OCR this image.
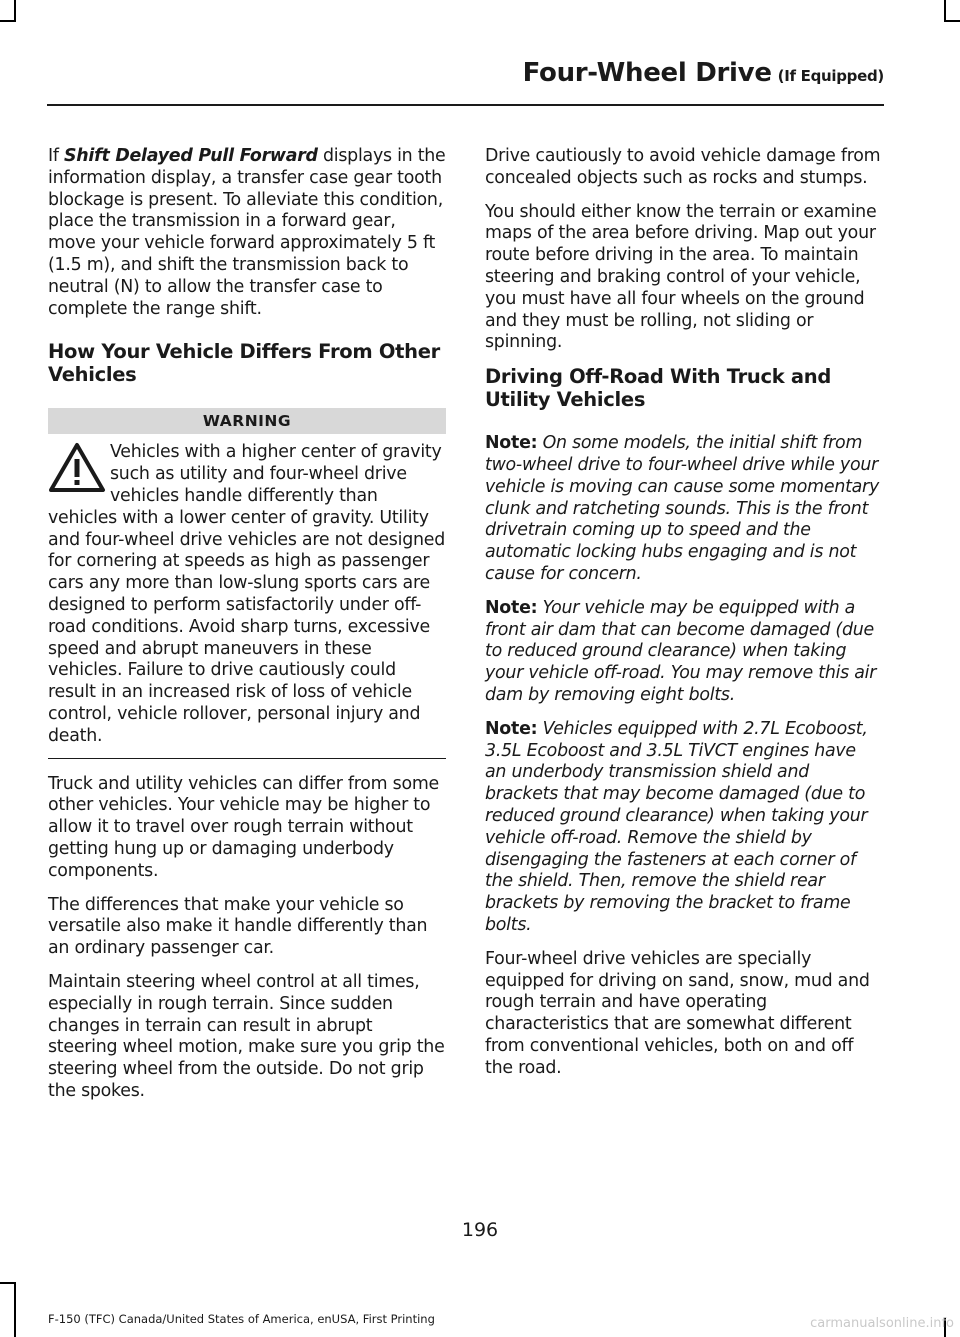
Four-Wheel Drive (If Equipped)

If Shift Delayed Pull Forward displays in the information display, a transfer case gear tooth blockage is present. To alleviate this condition, place the transmission in a forward gear, move your vehicle forward approximately 5 ft (1.5 m), and shift the transmission back to neutral (N) to allow the transfer case to complete the range shift.

How Your Vehicle Differs From Other Vehicles
WARNING
Vehicles with a higher center of gravity such as utility and four-wheel drive vehicles handle differently than vehicles with a lower center of gravity. Utility and four-wheel drive vehicles are not designed for cornering at speeds as high as passenger cars any more than low-slung sports cars are designed to perform satisfactorily under off-road conditions. Avoid sharp turns, excessive speed and abrupt maneuvers in these vehicles. Failure to drive cautiously could result in an increased risk of loss of vehicle control, vehicle rollover, personal injury and death.

Truck and utility vehicles can differ from some other vehicles. Your vehicle may be higher to allow it to travel over rough terrain without getting hung up or damaging underbody components.

The differences that make your vehicle so versatile also make it handle differently than an ordinary passenger car.

Maintain steering wheel control at all times, especially in rough terrain. Since sudden changes in terrain can result in abrupt steering wheel motion, make sure you grip the steering wheel from the outside. Do not grip the spokes.

Drive cautiously to avoid vehicle damage from concealed objects such as rocks and stumps.

You should either know the terrain or examine maps of the area before driving. Map out your route before driving in the area. To maintain steering and braking control of your vehicle, you must have all four wheels on the ground and they must be rolling, not sliding or spinning.

Driving Off-Road With Truck and Utility Vehicles

Note: On some models, the initial shift from two-wheel drive to four-wheel drive while your vehicle is moving can cause some momentary clunk and ratcheting sounds. This is the front drivetrain coming up to speed and the automatic locking hubs engaging and is not cause for concern.

Note: Your vehicle may be equipped with a front air dam that can become damaged (due to reduced ground clearance) when taking your vehicle off-road. You may remove this air dam by removing eight bolts.

Note: Vehicles equipped with 2.7L Ecoboost, 3.5L Ecoboost and 3.5L TiVCT engines have an underbody transmission shield and brackets that may become damaged (due to reduced ground clearance) when taking your vehicle off-road. Remove the shield by disengaging the fasteners at each corner of the shield. Then, remove the shield rear brackets by removing the bracket to frame bolts.

Four-wheel drive vehicles are specially equipped for driving on sand, snow, mud and rough terrain and have operating characteristics that are somewhat different from conventional vehicles, both on and off the road.

196
F-150 (TFC) Canada/United States of America, enUSA, First Printing	carmanualsonline.info
